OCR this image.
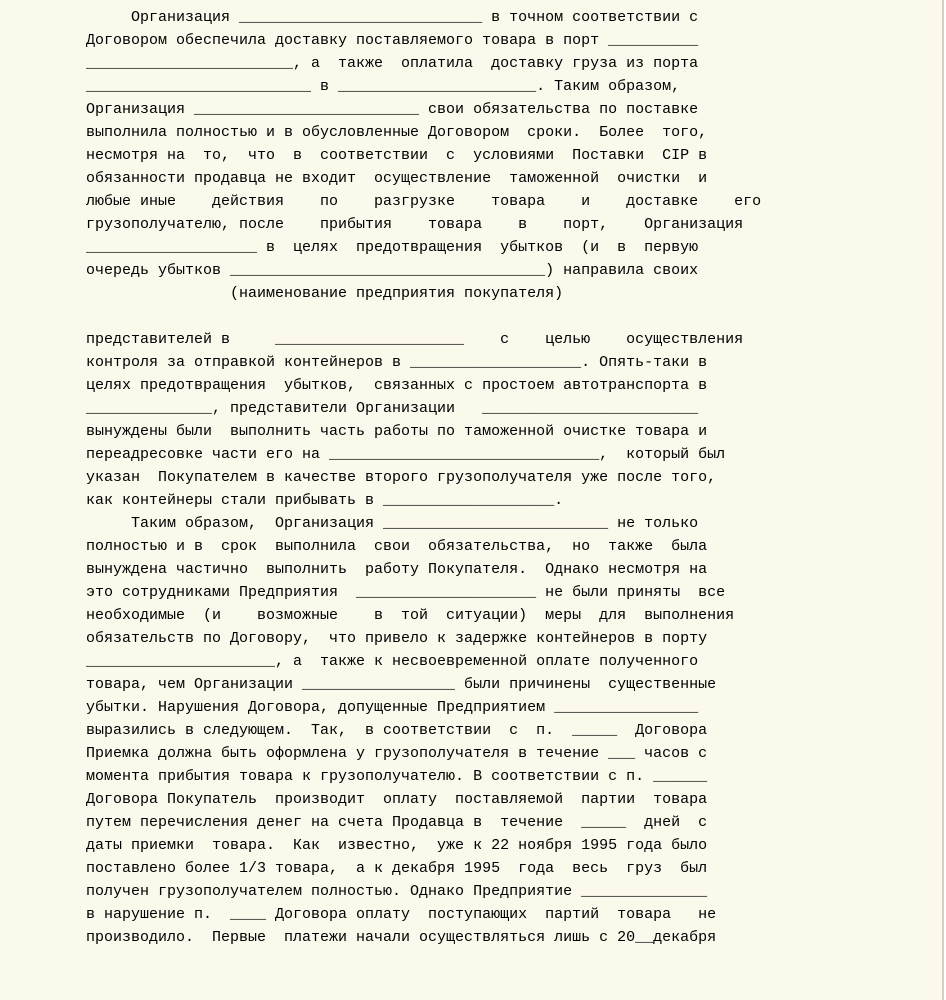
Организация ___________________________ в точном соответствии с

Договором обеспечила доставку поставляемого товара в порт __________

_______________________, а  также  оплатила  доставку груза из порта

_________________________ в ______________________. Таким образом,

Организация _________________________ свои обязательства по поставке

выполнила полностью и в обусловленные Договором  сроки.  Более  того,

несмотря на  то,  что  в  соответствии  с  условиями  Поставки  CIP в

обязанности продавца не входит  осуществление  таможенной  очистки  и

любые иные    действия    по    разгрузке    товара    и    доставке    его

грузополучателю, после    прибытия    товара    в    порт,    Организация

___________________ в  целях  предотвращения  убытков  (и  в  первую

очередь убытков ___________________________________) направила своих

(наименование предприятия покупателя)

представителей в     _____________________    с    целью    осуществления

контроля за отправкой контейнеров в ___________________. Опять-таки в

целях предотвращения  убытков,  связанных с простоем автотранспорта в

______________, представители Организации   ________________________

вынуждены были  выполнить часть работы по таможенной очистке товара и

переадресовке части его на ______________________________,  который был

указан  Покупателем в качестве второго грузополучателя уже после того,

как контейнеры стали прибывать в ___________________.

Таким образом,  Организация _________________________ не только

полностью и в  срок  выполнила  свои  обязательства,  но  также  была

вынуждена частично  выполнить  работу Покупателя.  Однако несмотря на

это сотрудниками Предприятия  ____________________ не были приняты  все

необходимые  (и    возможные    в  той  ситуации)  меры  для  выполнения

обязательств по Договору,  что привело к задержке контейнеров в порту

_____________________, а  также к несвоевременной оплате полученного

товара, чем Организации _________________ были причинены  существенные

убытки. Нарушения Договора, допущенные Предприятием ________________

выразились в следующем.  Так,  в соответствии  с  п.  _____  Договора

Приемка должна быть оформлена у грузополучателя в течение ___ часов с

момента прибытия товара к грузополучателю. В соответствии с п. ______

Договора Покупатель  производит  оплату  поставляемой  партии  товара

путем перечисления денег на счета Продавца в  течение  _____  дней  с

даты приемки  товара.  Как  известно,  уже к 22 ноября 1995 года было

поставлено более 1/3 товара,  а к декабря 1995  года  весь  груз  был

получен грузополучателем полностью. Однако Предприятие ______________

в нарушение п.  ____ Договора оплату  поступающих  партий  товара   не

производило.  Первые  платежи начали осуществляться лишь с 20__декабря
